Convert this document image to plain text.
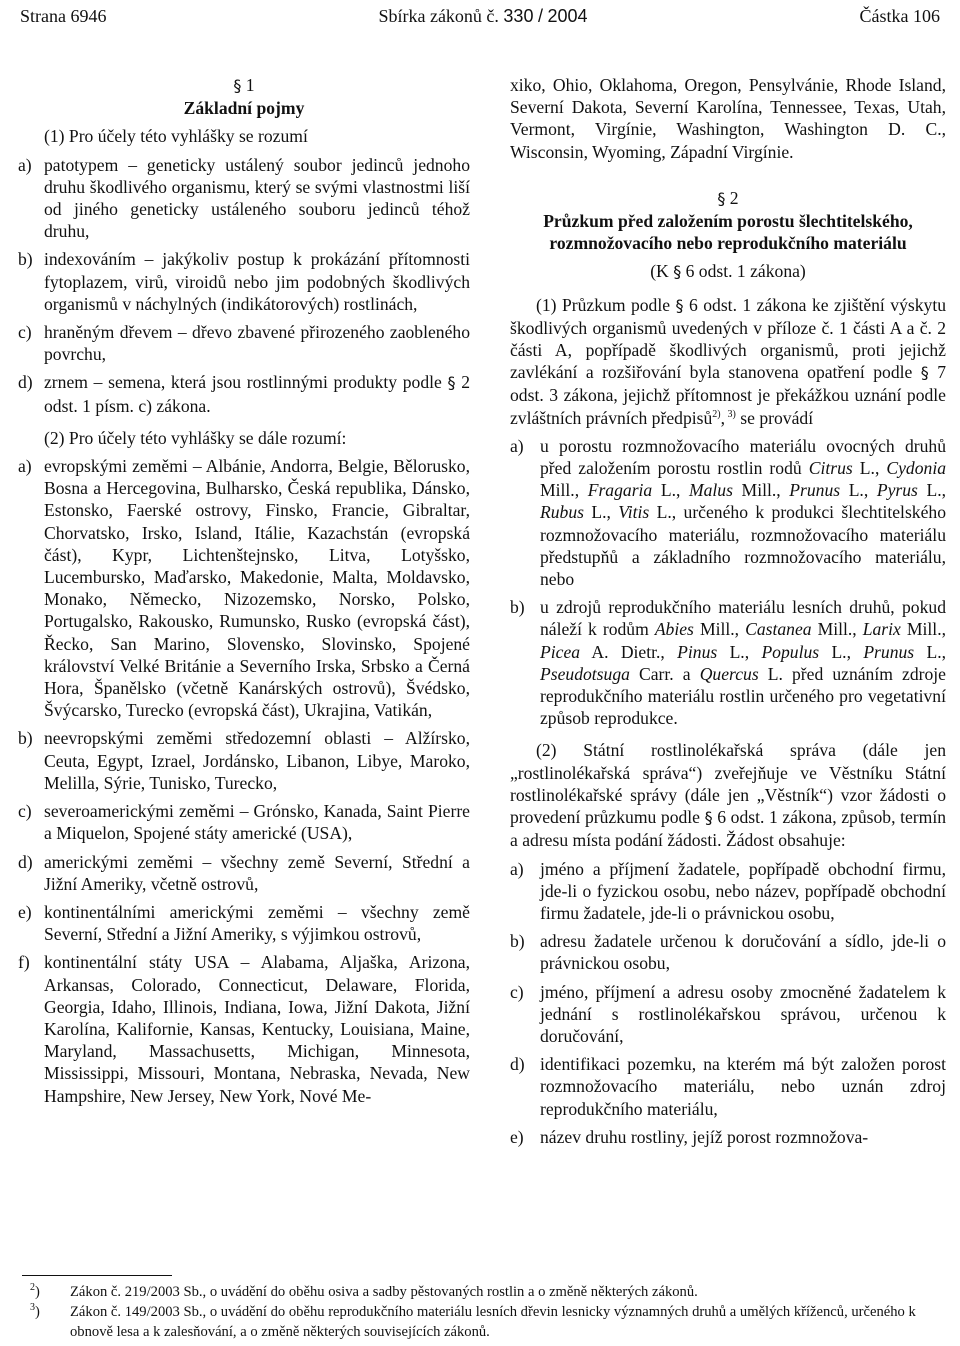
Strana 6946	Sbírka zákonů č. 330 / 2004	Částka 106

§ 1

Základní pojmy

(1) Pro účely této vyhlášky se rozumí

a) patotypem – geneticky ustálený soubor jedinců jednoho druhu škodlivého organismu, který se svými vlastnostmi liší od jiného geneticky ustáleného souboru jedinců téhož druhu,
b) indexováním – jakýkoliv postup k prokázání přítomnosti fytoplazem, virů, viroidů nebo jim podobných škodlivých organismů v náchylných (indikátorových) rostlinách,
c) hraněným dřevem – dřevo zbavené přirozeného zaobleného povrchu,
d) zrnem – semena, která jsou rostlinnými produkty podle § 2 odst. 1 písm. c) zákona.

(2) Pro účely této vyhlášky se dále rozumí:

a) evropskými zeměmi – Albánie, Andorra, Belgie, Bělorusko, Bosna a Hercegovina, Bulharsko, Česká republika, Dánsko, Estonsko, Faerské ostrovy, Finsko, Francie, Gibraltar, Chorvatsko, Irsko, Island, Itálie, Kazachstán (evropská část), Kypr, Lichtenštejnsko, Litva, Lotyšsko, Lucembursko, Maďarsko, Makedonie, Malta, Moldavsko, Monako, Německo, Nizozemsko, Norsko, Polsko, Portugalsko, Rakousko, Rumunsko, Rusko (evropská část), Řecko, San Marino, Slovensko, Slovinsko, Spojené království Velké Británie a Severního Irska, Srbsko a Černá Hora, Španělsko (včetně Kanárských ostrovů), Švédsko, Švýcarsko, Turecko (evropská část), Ukrajina, Vatikán,
b) neevropskými zeměmi středozemní oblasti – Alžírsko, Ceuta, Egypt, Izrael, Jordánsko, Libanon, Libye, Maroko, Melilla, Sýrie, Tunisko, Turecko,
c) severoamerickými zeměmi – Grónsko, Kanada, Saint Pierre a Miquelon, Spojené státy americké (USA),
d) americkými zeměmi – všechny země Severní, Střední a Jižní Ameriky, včetně ostrovů,
e) kontinentálními americkými zeměmi – všechny země Severní, Střední a Jižní Ameriky, s výjimkou ostrovů,
f) kontinentální státy USA – Alabama, Aljaška, Arizona, Arkansas, Colorado, Connecticut, Delaware, Florida, Georgia, Idaho, Illinois, Indiana, Iowa, Jižní Dakota, Jižní Karolína, Kalifornie, Kansas, Kentucky, Louisiana, Maine, Maryland, Massachusetts, Michigan, Minnesota, Mississippi, Missouri, Montana, Nebraska, Nevada, New Hampshire, New Jersey, New York, Nové Me-

xiko, Ohio, Oklahoma, Oregon, Pensylvánie, Rhode Island, Severní Dakota, Severní Karolína, Tennessee, Texas, Utah, Vermont, Virgínie, Washington, Washington D. C., Wisconsin, Wyoming, Západní Virgínie.

§ 2

Průzkum před založením porostu šlechtitelského,

rozmnožovacího nebo reprodukčního materiálu

(K § 6 odst. 1 zákona)

(1) Průzkum podle § 6 odst. 1 zákona ke zjištění výskytu škodlivých organismů uvedených v příloze č. 1 části A a č. 2 části A, popřípadě škodlivých organismů, proti jejichž zavlékání a rozšiřování byla stanovena opatření podle § 7 odst. 3 zákona, jejichž přítomnost je překážkou uznání podle zvláštních právních předpisů$^{2)}$, $^{3)}$ se provádí

a) u porostu rozmnožovacího materiálu ovocných druhů před založením porostu rostlin rodů Citrus L., Cydonia Mill., Fragaria L., Malus Mill., Prunus L., Pyrus L., Rubus L., Vitis L., určeného k produkci šlechtitelského rozmnožovacího materiálu, rozmnožovacího materiálu předstupňů a základního rozmnožovacího materiálu, nebo
b) u zdrojů reprodukčního materiálu lesních druhů, pokud náleží k rodům Abies Mill., Castanea Mill., Larix Mill., Picea A. Dietr., Pinus L., Populus L., Prunus L., Pseudotsuga Carr. a Quercus L. před uznáním zdroje reprodukčního materiálu rostlin určeného pro vegetativní způsob reprodukce.

(2) Státní rostlinolékařská správa (dále jen „rostlinolékařská správa“) zveřejňuje ve Věstníku Státní rostlinolékařské správy (dále jen „Věstník“) vzor žádosti o provedení průzkumu podle § 6 odst. 1 zákona, způsob, termín a adresu místa podání žádosti. Žádost obsahuje:

a) jméno a příjmení žadatele, popřípadě obchodní firmu, jde-li o fyzickou osobu, nebo název, popřípadě obchodní firmu žadatele, jde-li o právnickou osobu,
b) adresu žadatele určenou k doručování a sídlo, jde-li o právnickou osobu,
c) jméno, příjmení a adresu osoby zmocněné žadatelem k jednání s rostlinolékařskou správou, určenou k doručování,
d) identifikaci pozemku, na kterém má být založen porost rozmnožovacího materiálu, nebo uznán zdroj reprodukčního materiálu,
e) název druhu rostliny, jejíž porost rozmnožova-
$^2$)	Zákon č. 219/2003 Sb., o uvádění do oběhu osiva a sadby pěstovaných rostlin a o změně některých zákonů.
$^3$)	Zákon č. 149/2003 Sb., o uvádění do oběhu reprodukčního materiálu lesních dřevin lesnicky významných druhů a umělých kříženců, určeného k obnově lesa a k zalesňování, a o změně některých souvisejících zákonů.
